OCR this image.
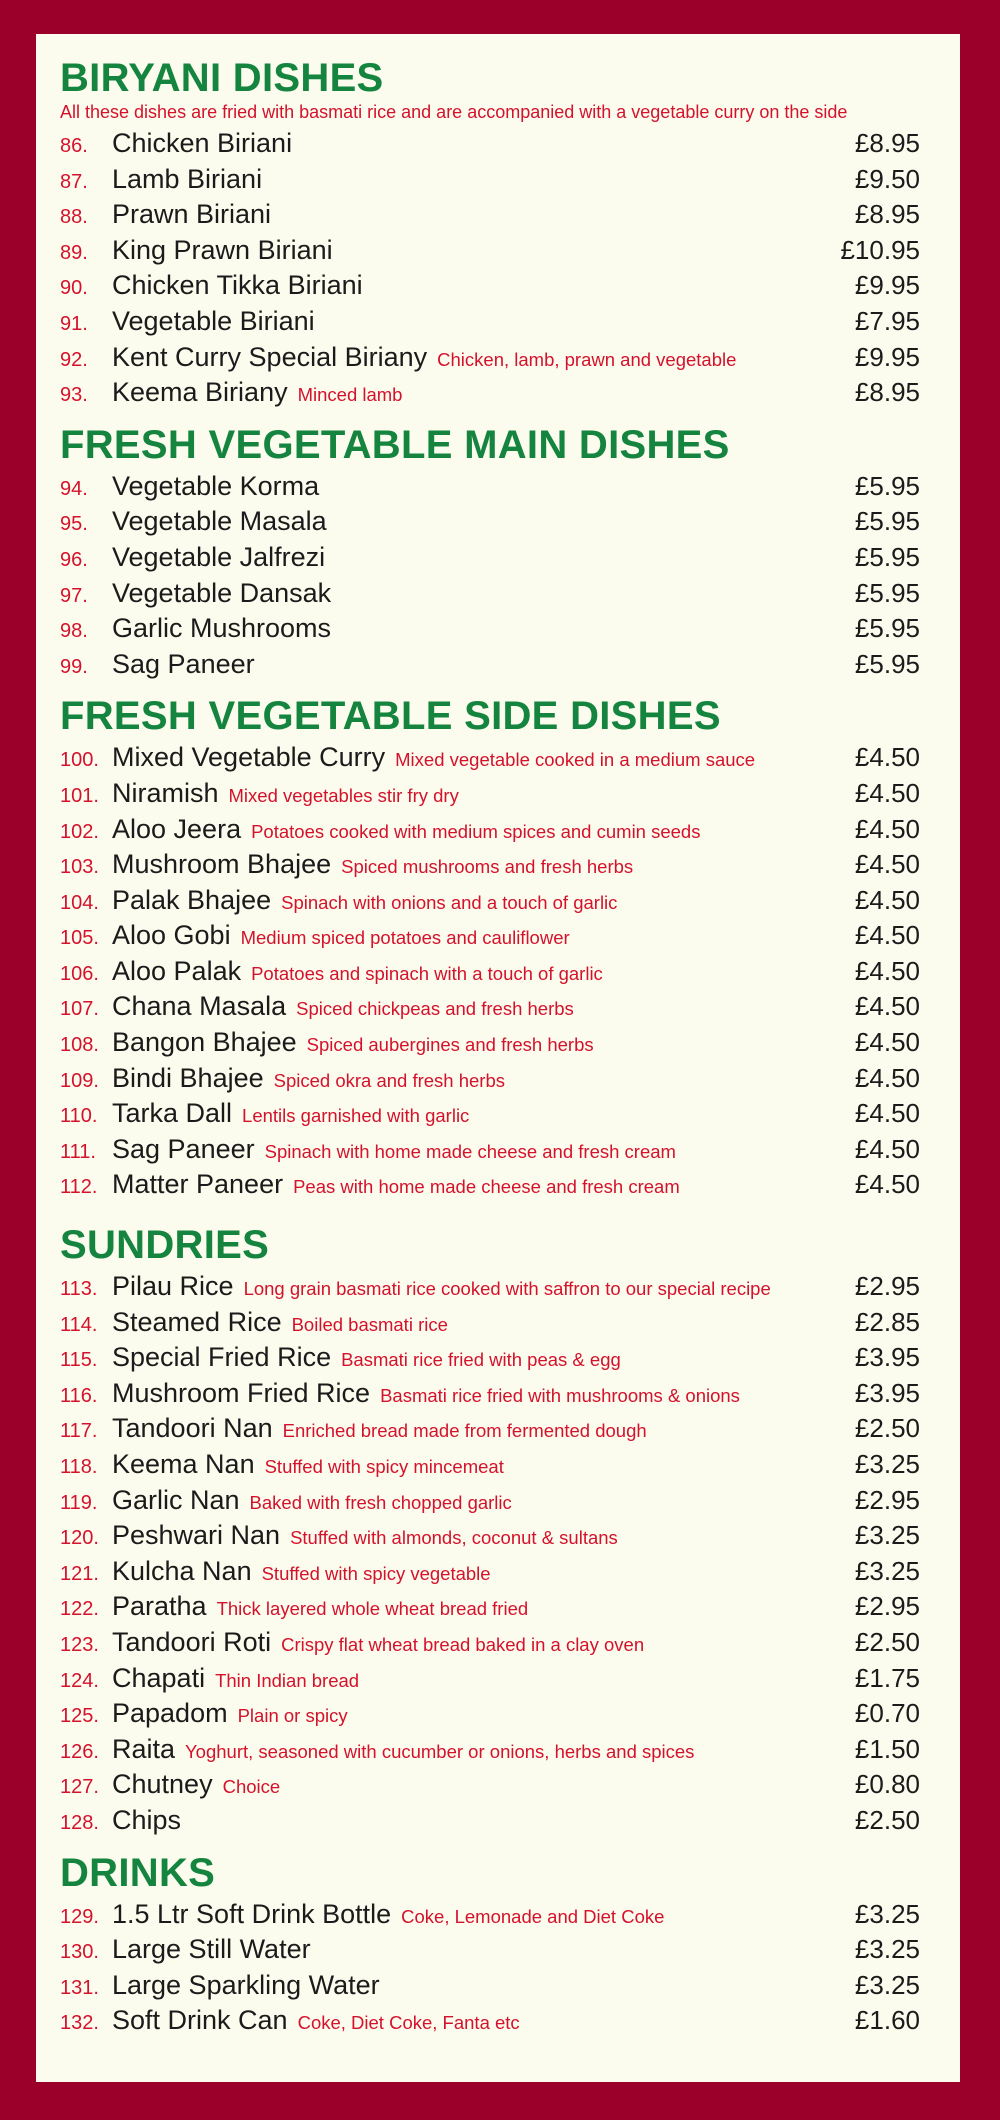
BIRYANI DISHES
All these dishes are fried with basmati rice and are accompanied with a vegetable curry on the side
86. Chicken Biriani	£8.95
87. Lamb Biriani	£9.50
88. Prawn Biriani	£8.95
89. King Prawn Biriani	£10.95
90. Chicken Tikka Biriani	£9.95
91. Vegetable Biriani	£7.95
92. Kent Curry Special Biriany Chicken, lamb, prawn and vegetable	£9.95
93. Keema Biriany Minced lamb	£8.95
FRESH VEGETABLE MAIN DISHES
94. Vegetable Korma	£5.95
95. Vegetable Masala	£5.95
96. Vegetable Jalfrezi	£5.95
97. Vegetable Dansak	£5.95
98. Garlic Mushrooms	£5.95
99. Sag Paneer	£5.95
FRESH VEGETABLE SIDE DISHES
100. Mixed Vegetable Curry Mixed vegetable cooked in a medium sauce	£4.50
101. Niramish Mixed vegetables stir fry dry	£4.50
102. Aloo Jeera Potatoes cooked with medium spices and cumin seeds	£4.50
103. Mushroom Bhajee Spiced mushrooms and fresh herbs	£4.50
104. Palak Bhajee Spinach with onions and a touch of garlic	£4.50
105. Aloo Gobi Medium spiced potatoes and cauliflower	£4.50
106. Aloo Palak Potatoes and spinach with a touch of garlic	£4.50
107. Chana Masala Spiced chickpeas and fresh herbs	£4.50
108. Bangon Bhajee Spiced aubergines and fresh herbs	£4.50
109. Bindi Bhajee Spiced okra and fresh herbs	£4.50
110. Tarka Dall Lentils garnished with garlic	£4.50
111. Sag Paneer Spinach with home made cheese and fresh cream	£4.50
112. Matter Paneer Peas with home made cheese and fresh cream	£4.50
SUNDRIES
113. Pilau Rice Long grain basmati rice cooked with saffron to our special recipe	£2.95
114. Steamed Rice Boiled basmati rice	£2.85
115. Special Fried Rice Basmati rice fried with peas & egg	£3.95
116. Mushroom Fried Rice Basmati rice fried with mushrooms & onions	£3.95
117. Tandoori Nan Enriched bread made from fermented dough	£2.50
118. Keema Nan Stuffed with spicy mincemeat	£3.25
119. Garlic Nan Baked with fresh chopped garlic	£2.95
120. Peshwari Nan Stuffed with almonds, coconut & sultans	£3.25
121. Kulcha Nan Stuffed with spicy vegetable	£3.25
122. Paratha Thick layered whole wheat bread fried	£2.95
123. Tandoori Roti Crispy flat wheat bread baked in a clay oven	£2.50
124. Chapati Thin Indian bread	£1.75
125. Papadom Plain or spicy	£0.70
126. Raita Yoghurt, seasoned with cucumber or onions, herbs and spices	£1.50
127. Chutney Choice	£0.80
128. Chips	£2.50
DRINKS
129. 1.5 Ltr Soft Drink Bottle Coke, Lemonade and Diet Coke	£3.25
130. Large Still Water	£3.25
131. Large Sparkling Water	£3.25
132. Soft Drink Can Coke, Diet Coke, Fanta etc	£1.60
